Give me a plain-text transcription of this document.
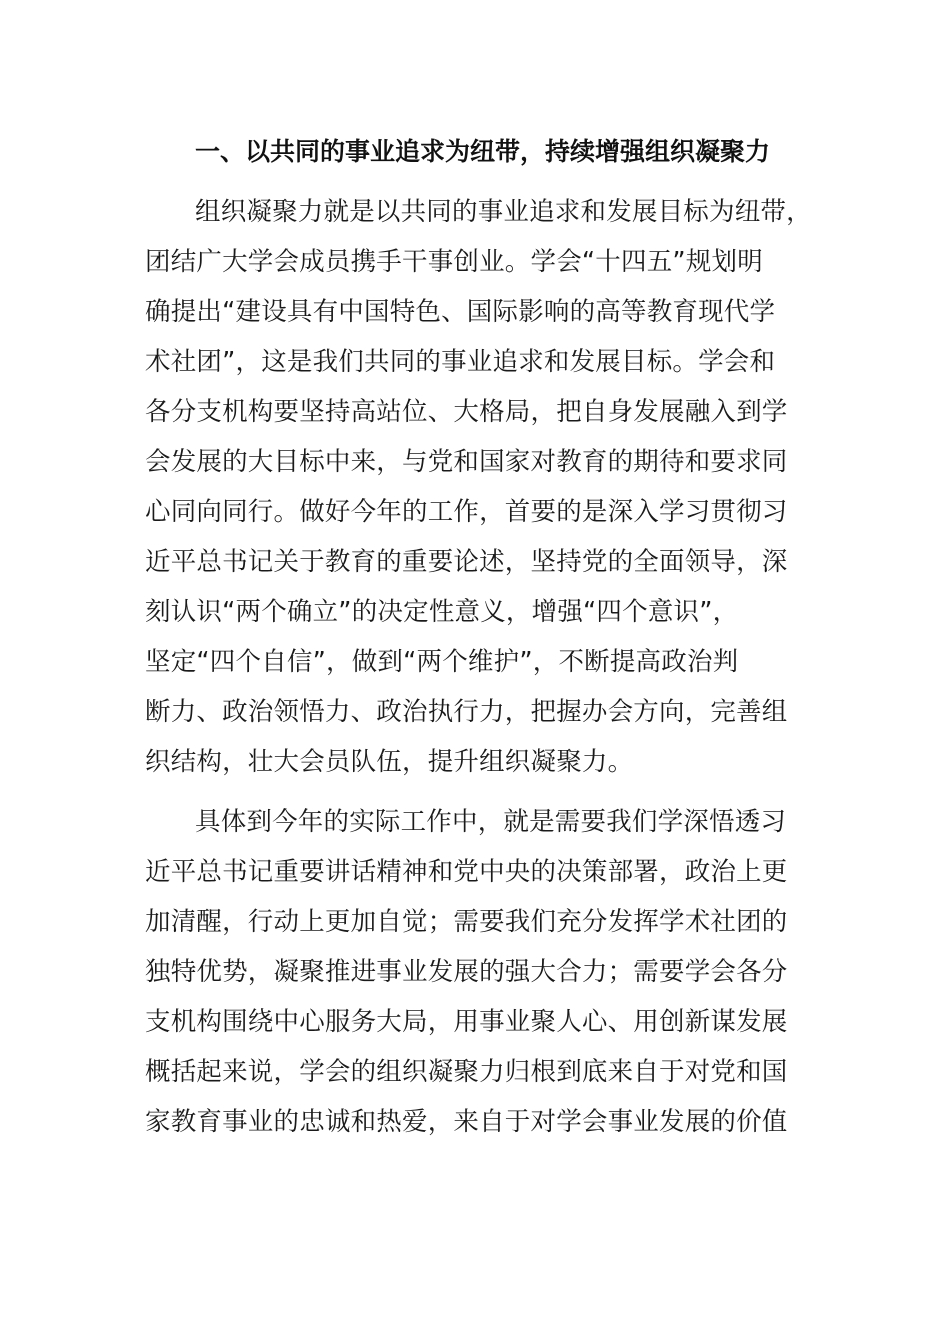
一、以共同的事业追求为纽带，持续增强组织凝聚力
组织凝聚力就是以共同的事业追求和发展目标为纽带，
团结广大学会成员携手干事创业。学会“十四五”规划明
确提出“建设具有中国特色、国际影响的高等教育现代学
术社团”，这是我们共同的事业追求和发展目标。学会和
各分支机构要坚持高站位、大格局，把自身发展融入到学
会发展的大目标中来，与党和国家对教育的期待和要求同
心同向同行。做好今年的工作，首要的是深入学习贯彻习
近平总书记关于教育的重要论述，坚持党的全面领导，深
刻认识“两个确立”的决定性意义，增强“四个意识”，
坚定“四个自信”，做到“两个维护”，不断提高政治判
断力、政治领悟力、政治执行力，把握办会方向，完善组
织结构，壮大会员队伍，提升组织凝聚力。
具体到今年的实际工作中，就是需要我们学深悟透习
近平总书记重要讲话精神和党中央的决策部署，政治上更
加清醒，行动上更加自觉；需要我们充分发挥学术社团的
独特优势，凝聚推进事业发展的强大合力；需要学会各分
支机构围绕中心服务大局，用事业聚人心、用创新谋发展
概括起来说，学会的组织凝聚力归根到底来自于对党和国
家教育事业的忠诚和热爱，来自于对学会事业发展的价值
